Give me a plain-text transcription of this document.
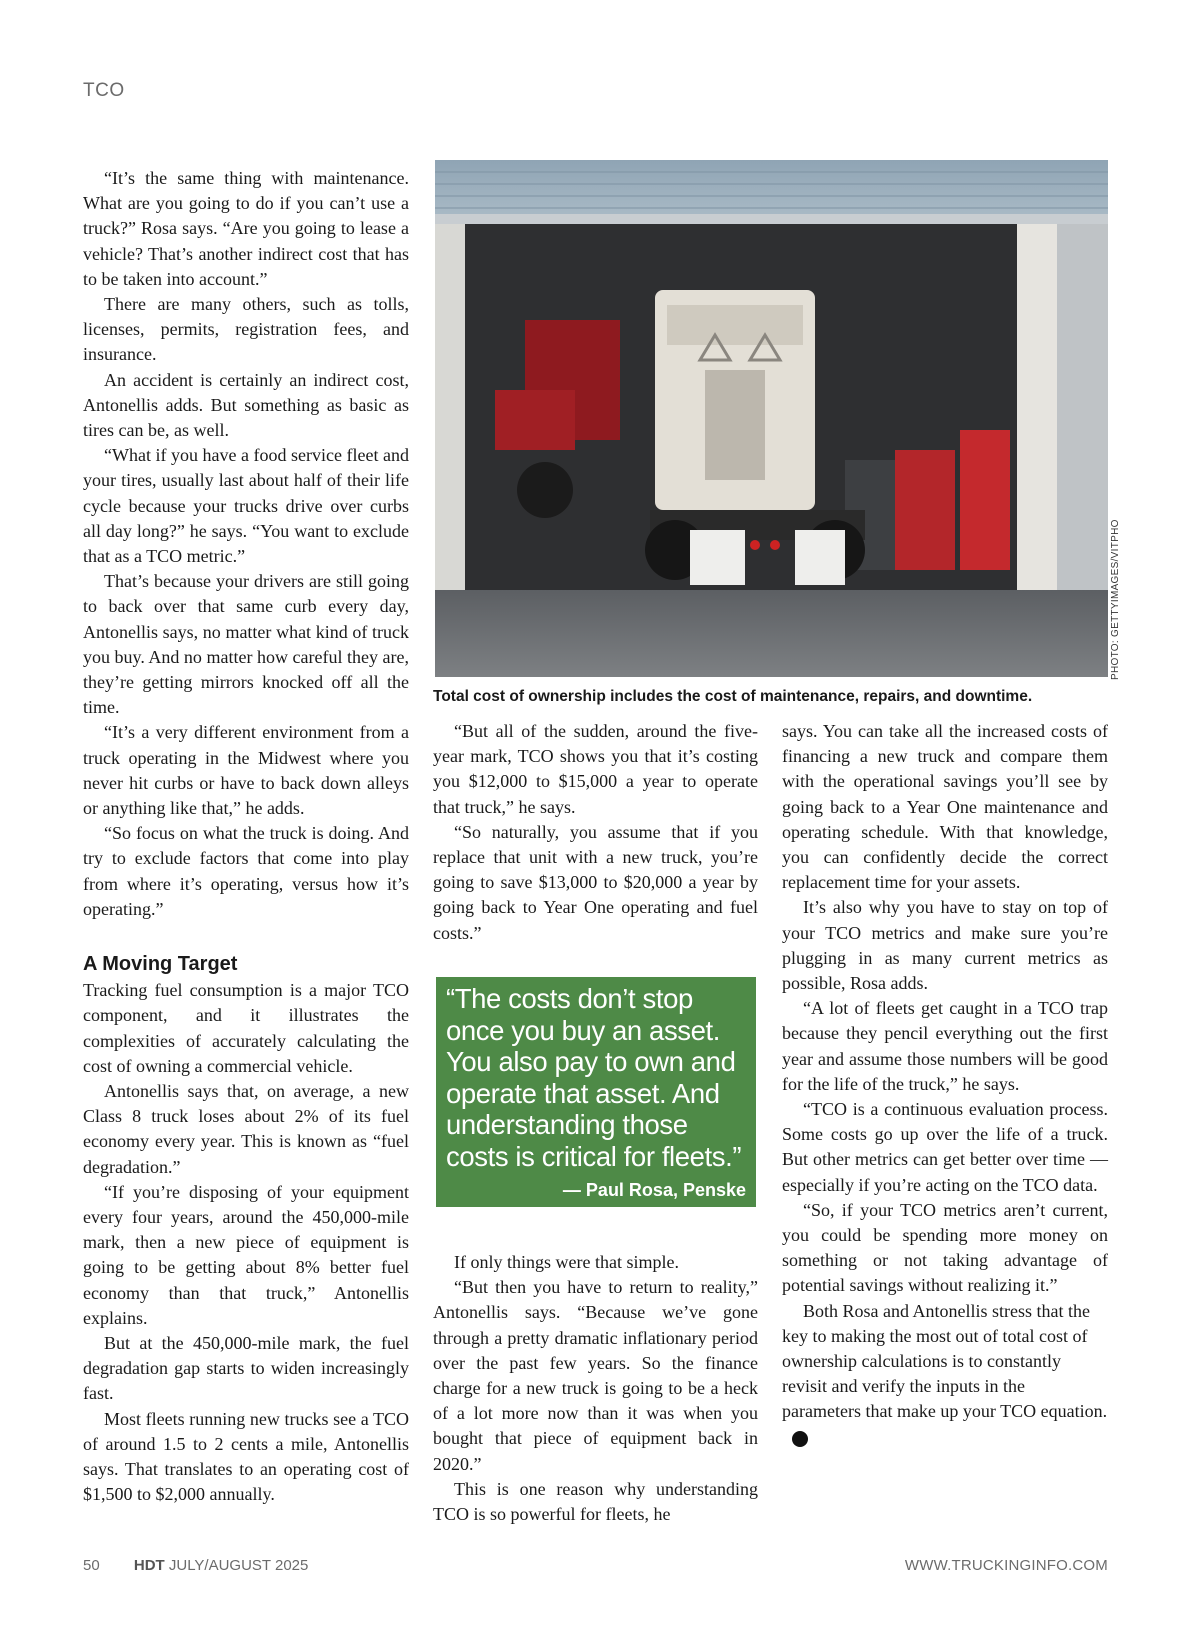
TCO

“It’s the same thing with maintenance. What are you going to do if you can’t use a truck?” Rosa says. “Are you going to lease a vehicle? That’s another indirect cost that has to be taken into account.”

There are many others, such as tolls, licenses, permits, registration fees, and insurance.

An accident is certainly an indirect cost, Antonellis adds. But something as basic as tires can be, as well.

“What if you have a food service fleet and your tires, usually last about half of their life cycle because your trucks drive over curbs all day long?” he says. “You want to exclude that as a TCO metric.”

That’s because your drivers are still going to back over that same curb every day, Antonellis says, no matter what kind of truck you buy. And no matter how careful they are, they’re getting mirrors knocked off all the time.

“It’s a very different environment from a truck operating in the Midwest where you never hit curbs or have to back down alleys or anything like that,” he adds.

“So focus on what the truck is doing. And try to exclude factors that come into play from where it’s operating, versus how it’s operating.”

A Moving Target

Tracking fuel consumption is a major TCO component, and it illustrates the complexities of accurately calculating the cost of owning a commercial vehicle.

Antonellis says that, on average, a new Class 8 truck loses about 2% of its fuel economy every year. This is known as “fuel degradation.”

“If you’re disposing of your equipment every four years, around the 450,000-mile mark, then a new piece of equipment is going to be getting about 8% better fuel economy than that truck,” Antonellis explains.

But at the 450,000-mile mark, the fuel degradation gap starts to widen increasingly fast.

Most fleets running new trucks see a TCO of around 1.5 to 2 cents a mile, Antonellis says. That translates to an operating cost of $1,500 to $2,000 annually.

PHOTO: GETTYIMAGES/VITPHO
Total cost of ownership includes the cost of maintenance, repairs, and downtime.

“But all of the sudden, around the five-year mark, TCO shows you that it’s costing you $12,000 to $15,000 a year to operate that truck,” he says.

“So naturally, you assume that if you replace that unit with a new truck, you’re going to save $13,000 to $20,000 a year by going back to Year One operating and fuel costs.”

“The costs don’t stop once you buy an asset. You also pay to own and operate that asset. And understanding those costs is critical for fleets.”
— Paul Rosa, Penske

If only things were that simple.

“But then you have to return to reality,” Antonellis says. “Because we’ve gone through a pretty dramatic inflationary period over the past few years. So the finance charge for a new truck is going to be a heck of a lot more now than it was when you bought that piece of equipment back in 2020.”

This is one reason why understanding TCO is so powerful for fleets, he

says. You can take all the increased costs of financing a new truck and compare them with the operational savings you’ll see by going back to a Year One maintenance and operating schedule. With that knowledge, you can confidently decide the correct replacement time for your assets.

It’s also why you have to stay on top of your TCO metrics and make sure you’re plugging in as many current metrics as possible, Rosa adds.

“A lot of fleets get caught in a TCO trap because they pencil everything out the first year and assume those numbers will be good for the life of the truck,” he says.

“TCO is a continuous evaluation process. Some costs go up over the life of a truck. But other metrics can get better over time — especially if you’re acting on the TCO data.

“So, if your TCO metrics aren’t current, you could be spending more money on something or not taking advantage of potential savings without realizing it.”

Both Rosa and Antonellis stress that the key to making the most out of total cost of ownership calculations is to constantly revisit and verify the inputs in the parameters that make up your TCO equation.HDT

50 HDT JULY/AUGUST 2025	WWW.TRUCKINGINFO.COM
